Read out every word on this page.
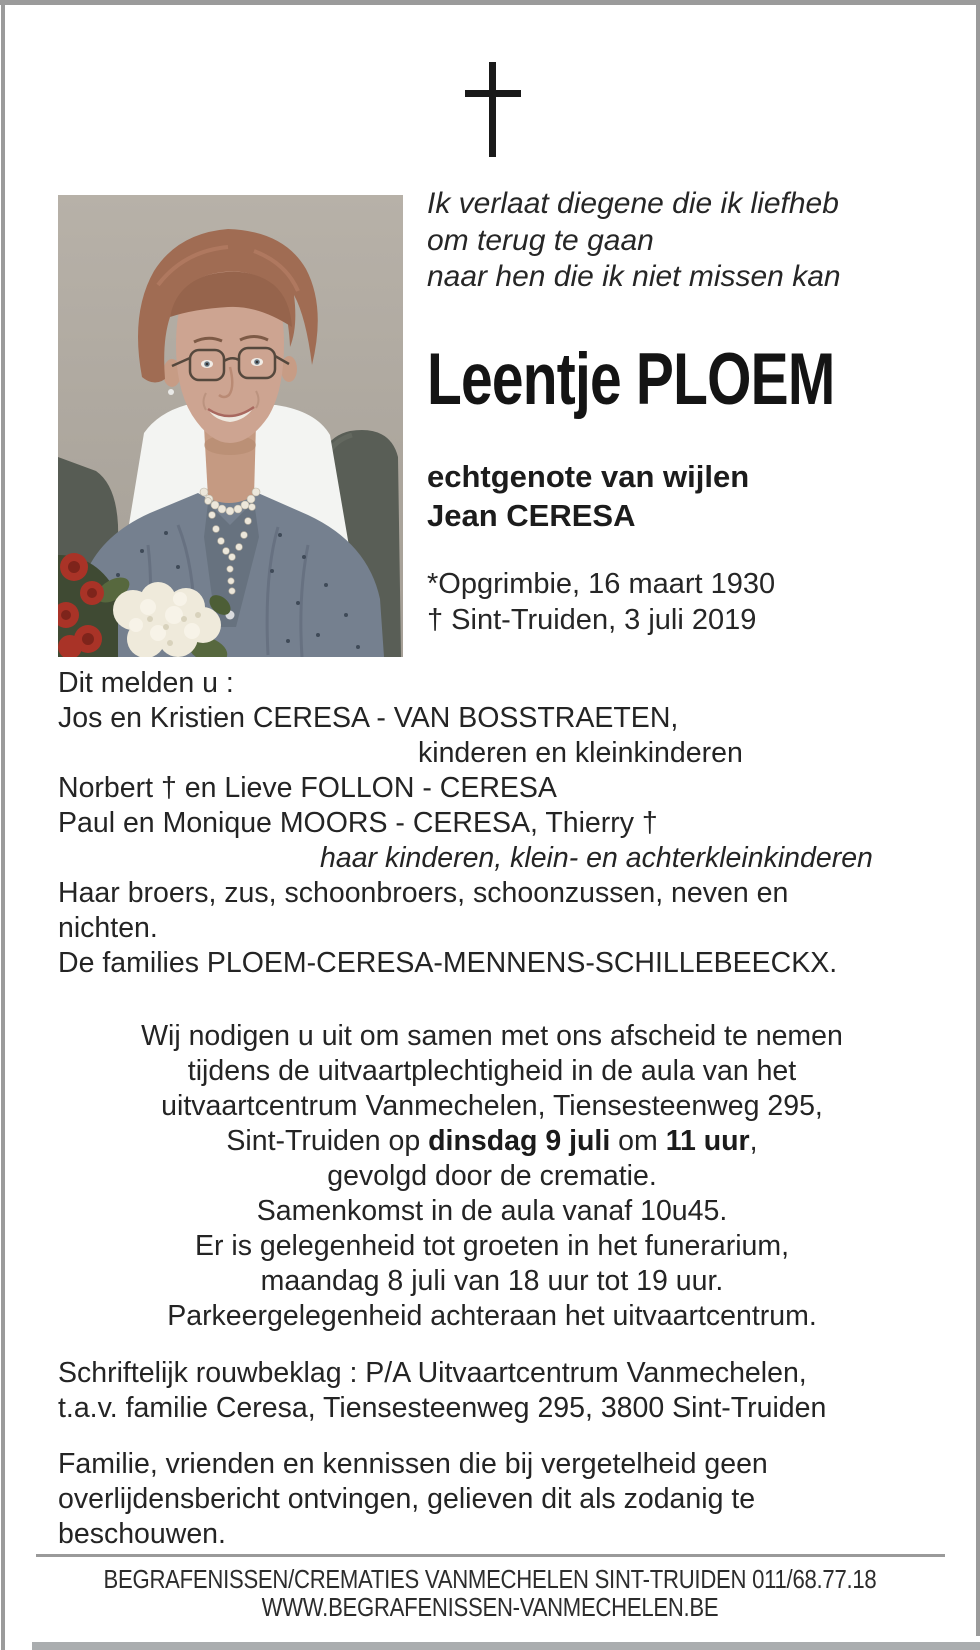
Ik verlaat diegene die ik liefheb
om terug te gaan
naar hen die ik niet missen kan
Leentje PLOEM
echtgenote van wijlen
Jean CERESA
*Opgrimbie, 16 maart 1930
† Sint-Truiden, 3 juli 2019
Dit melden u :
Jos en Kristien CERESA - VAN BOSSTRAETEN,
kinderen en kleinkinderen
Norbert † en Lieve FOLLON - CERESA
Paul en Monique MOORS - CERESA, Thierry †
haar kinderen, klein- en achterkleinkinderen
Haar broers, zus, schoonbroers, schoonzussen, neven en
nichten.
De families PLOEM-CERESA-MENNENS-SCHILLEBEECKX.
Wij nodigen u uit om samen met ons afscheid te nemen
tijdens de uitvaartplechtigheid in de aula van het
uitvaartcentrum Vanmechelen, Tiensesteenweg 295,
Sint-Truiden op dinsdag 9 juli om 11 uur,
gevolgd door de crematie.
Samenkomst in de aula vanaf 10u45.
Er is gelegenheid tot groeten in het funerarium,
maandag 8 juli van 18 uur tot 19 uur.
Parkeergelegenheid achteraan het uitvaartcentrum.
Schriftelijk rouwbeklag : P/A Uitvaartcentrum Vanmechelen,
t.a.v. familie Ceresa, Tiensesteenweg 295, 3800 Sint-Truiden
Familie, vrienden en kennissen die bij vergetelheid geen
overlijdensbericht ontvingen, gelieven dit als zodanig te
beschouwen.
BEGRAFENISSEN/CREMATIES VANMECHELEN SINT-TRUIDEN 011/68.77.18
WWW.BEGRAFENISSEN-VANMECHELEN.BE
